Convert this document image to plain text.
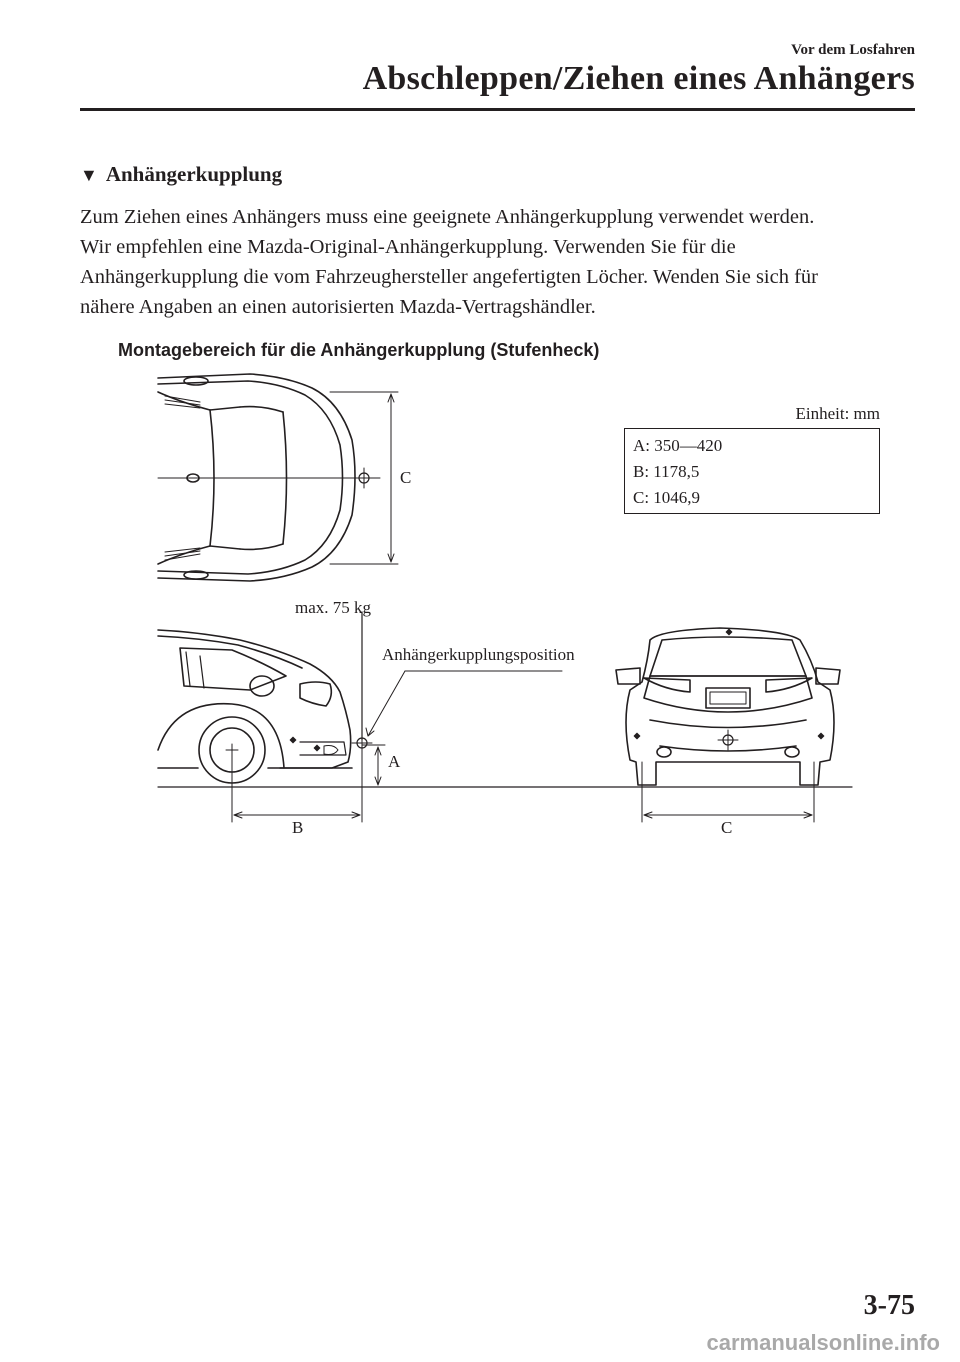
Vor dem Losfahren
Abschleppen/Ziehen eines Anhängers
▼ Anhängerkupplung

Zum Ziehen eines Anhängers muss eine geeignete Anhängerkupplung verwendet werden.

Wir empfehlen eine Mazda-Original-Anhängerkupplung. Verwenden Sie für die

Anhängerkupplung die vom Fahrzeughersteller angefertigten Löcher. Wenden Sie sich für

nähere Angaben an einen autorisierten Mazda-Vertragshändler.

Montagebereich für die Anhängerkupplung (Stufenheck)
Einheit: mm
A: 350—420
B: 1178,5
C: 1046,9
C
max. 75 kg
Anhängerkupplungsposition
A
B	C
3-75
carmanualsonline.info
